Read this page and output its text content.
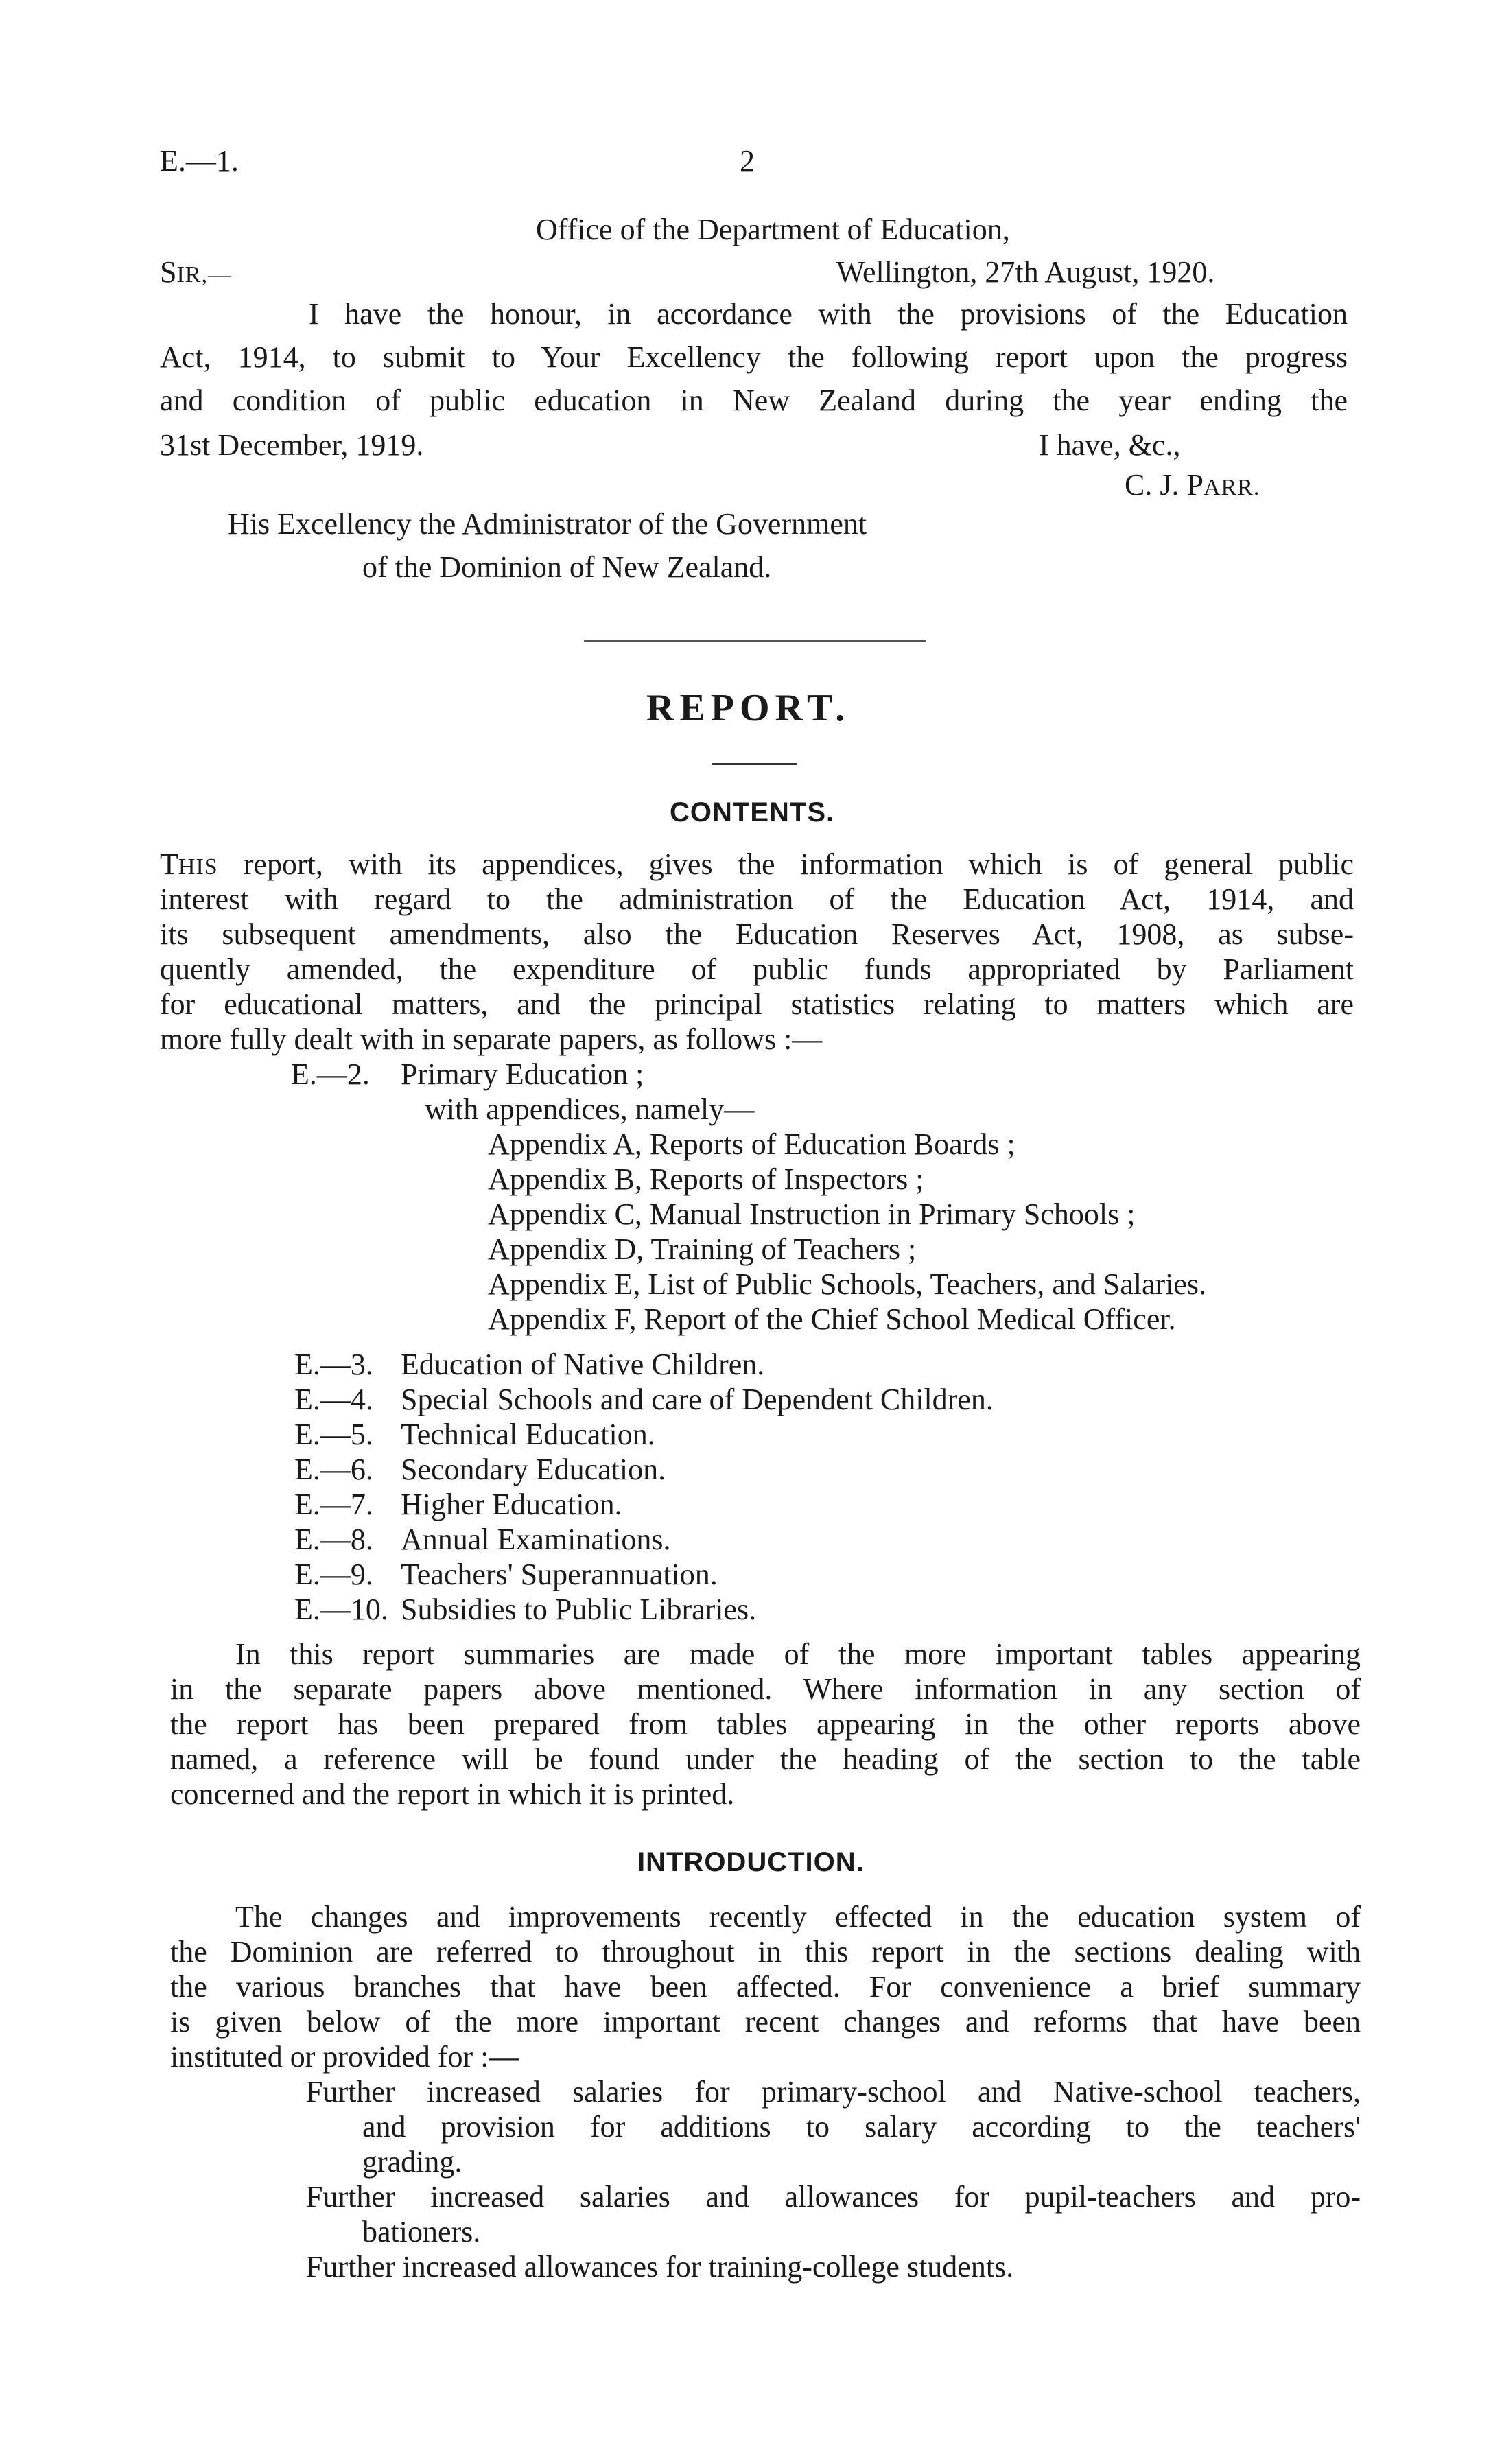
E.—1.	2
Office of the Department of Education,
SIR,—	Wellington, 27th August, 1920.
I have the honour, in accordance with the provisions of the Education
Act, 1914, to submit to Your Excellency the following report upon the progress
and condition of public education in New Zealand during the year ending the
31st December, 1919.	I have, &c.,
C. J. PARR.
His Excellency the Administrator of the Government
of the Dominion of New Zealand.
REPORT.
CONTENTS.
THIS report, with its appendices, gives the information which is of general public
interest with regard to the administration of the Education Act, 1914, and
its subsequent amendments, also the Education Reserves Act, 1908, as subse-
quently amended, the expenditure of public funds appropriated by Parliament
for educational matters, and the principal statistics relating to matters which are
more fully dealt with in separate papers, as follows :—
E.—2. Primary Education ;
with appendices, namely—
Appendix A, Reports of Education Boards ;
Appendix B, Reports of Inspectors ;
Appendix C, Manual Instruction in Primary Schools ;
Appendix D, Training of Teachers ;
Appendix E, List of Public Schools, Teachers, and Salaries.
Appendix F, Report of the Chief School Medical Officer.
E.—3. Education of Native Children.
E.—4. Special Schools and care of Dependent Children.
E.—5. Technical Education.
E.—6. Secondary Education.
E.—7. Higher Education.
E.—8. Annual Examinations.
E.—9. Teachers' Superannuation.
E.—10. Subsidies to Public Libraries.
In this report summaries are made of the more important tables appearing
in the separate papers above mentioned. Where information in any section of
the report has been prepared from tables appearing in the other reports above
named, a reference will be found under the heading of the section to the table
concerned and the report in which it is printed.
INTRODUCTION.
The changes and improvements recently effected in the education system of
the Dominion are referred to throughout in this report in the sections dealing with
the various branches that have been affected. For convenience a brief summary
is given below of the more important recent changes and reforms that have been
instituted or provided for :—
Further increased salaries for primary-school and Native-school teachers,
and provision for additions to salary according to the teachers'
grading.
Further increased salaries and allowances for pupil-teachers and pro-
bationers.
Further increased allowances for training-college students.
